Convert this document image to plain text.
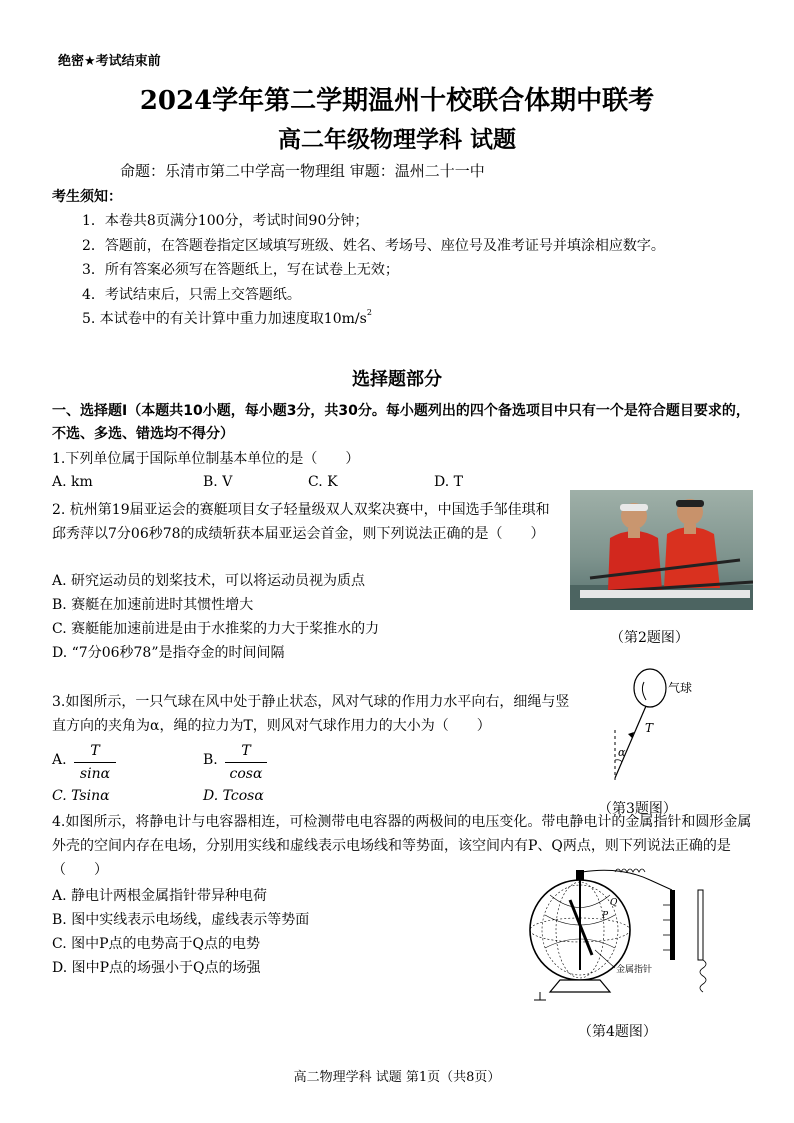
绝密★考试结束前
2024学年第二学期温州十校联合体期中联考
高二年级物理学科 试题
命题：乐清市第二中学高一物理组 审题：温州二十一中
考生须知：
1．本卷共8页满分100分，考试时间90分钟；
2．答题前，在答题卷指定区域填写班级、姓名、考场号、座位号及准考证号并填涂相应数字。
3．所有答案必须写在答题纸上，写在试卷上无效；
4．考试结束后，只需上交答题纸。
5. 本试卷中的有关计算中重力加速度取$10m/s^2$
选择题部分
一、选择题Ⅰ（本题共10小题，每小题3分，共30分。每小题列出的四个备选项目中只有一个是符合题目要求的，不选、多选、错选均不得分）
1.下列单位属于国际单位制基本单位的是（　　）
A. km	B. V	C. K	D. T
2. 杭州第19届亚运会的赛艇项目女子轻量级双人双桨决赛中，中国选手邹佳琪和邱秀萍以7分06秒78的成绩斩获本届亚运会首金，则下列说法正确的是（　　）
A. 研究运动员的划桨技术，可以将运动员视为质点
B. 赛艇在加速前进时其惯性增大
C. 赛艇能加速前进是由于水推桨的力大于桨推水的力
D. “7分06秒78”是指夺金的时间间隔
（第2题图）
3.如图所示，一只气球在风中处于静止状态，风对气球的作用力水平向右，细绳与竖直方向的夹角为α，绳的拉力为T，则风对气球作用力的大小为（　　）
A.
T
sinα
B.
T
cosα
C. Tsinα	D. Tcosα
气球
T
α
（第3题图）
4.如图所示，将静电计与电容器相连，可检测带电电容器的两极间的电压变化。带电静电计的金属指针和圆形金属外壳的空间内存在电场，分别用实线和虚线表示电场线和等势面，该空间内有P、Q两点，则下列说法正确的是（　　）
A. 静电计两根金属指针带异种电荷
B. 图中实线表示电场线，虚线表示等势面
C. 图中P点的电势高于Q点的电势
D. 图中P点的场强小于Q点的场强	金属指针
P
Q
（第4题图）
高二物理学科 试题 第1页（共8页）
